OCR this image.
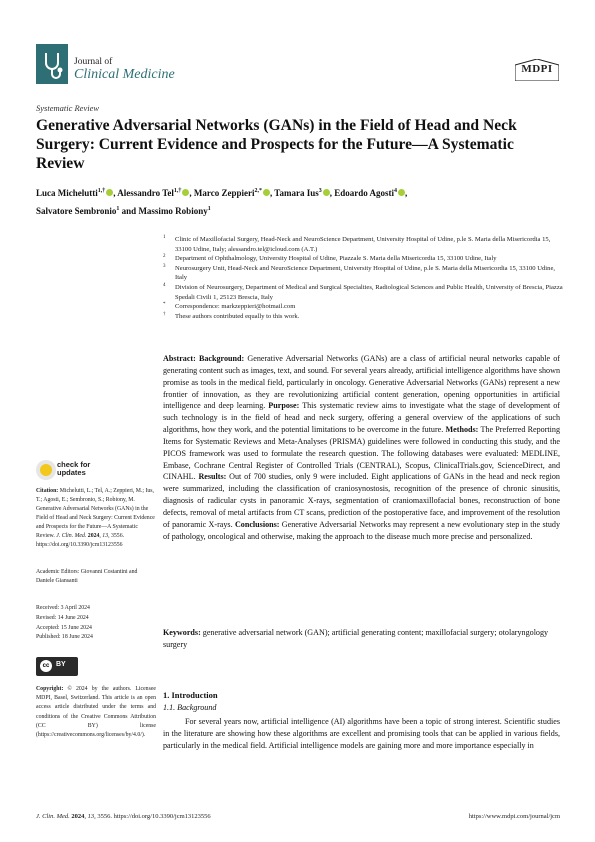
Journal of
Clinical Medicine	MDPI
Systematic Review
Generative Adversarial Networks (GANs) in the Field of Head and Neck Surgery: Current Evidence and Prospects for the Future—A Systematic Review
Luca Michelutti$^{1,\dagger}$ , Alessandro Tel$^{1,\dagger}$ , Marco Zeppieri$^{2,*}$ , Tamara Ius$^3$ , Edoardo Agosti$^4$ ,
Salvatore Sembronio$^1$ and Massimo Robiony$^1$
1 Clinic of Maxillofacial Surgery, Head-Neck and NeuroScience Department, University Hospital of Udine, p.le S. Maria della Misericordia 15, 33100 Udine, Italy; alessandro.tel@icloud.com (A.T.)
2 Department of Ophthalmology, University Hospital of Udine, Piazzale S. Maria della Misericordia 15, 33100 Udine, Italy
3 Neurosurgery Unit, Head-Neck and NeuroScience Department, University Hospital of Udine, p.le S. Maria della Misericordia 15, 33100 Udine, Italy
4 Division of Neurosurgery, Department of Medical and Surgical Specialties, Radiological Sciences and Public Health, University of Brescia, Piazza Spedali Civili 1, 25123 Brescia, Italy
* Correspondence: markzeppieri@hotmail.com
† These authors contributed equally to this work.
Abstract: Background: Generative Adversarial Networks (GANs) are a class of artificial neural networks capable of generating content such as images, text, and sound. For several years already, artificial intelligence algorithms have shown promise as tools in the medical field, particularly in oncology. Generative Adversarial Networks (GANs) represent a new frontier of innovation, as they are revolutionizing artificial content generation, opening opportunities in artificial intelligence and deep learning. Purpose: This systematic review aims to investigate what the stage of development of such technology is in the field of head and neck surgery, offering a general overview of the applications of such algorithms, how they work, and the potential limitations to be overcome in the future. Methods: The Preferred Reporting Items for Systematic Reviews and Meta-Analyses (PRISMA) guidelines were followed in conducting this study, and the PICOS framework was used to formulate the research question. The following databases were evaluated: MEDLINE, Embase, Cochrane Central Register of Controlled Trials (CENTRAL), Scopus, ClinicalTrials.gov, ScienceDirect, and CINAHL. Results: Out of 700 studies, only 9 were included. Eight applications of GANs in the head and neck region were summarized, including the classification of craniosynostosis, recognition of the presence of chronic sinusitis, diagnosis of radicular cysts in panoramic X-rays, segmentation of craniomaxillofacial bones, reconstruction of bone defects, removal of metal artifacts from CT scans, prediction of the postoperative face, and improvement of the resolution of panoramic X-rays. Conclusions: Generative Adversarial Networks may represent a new evolutionary step in the study of pathology, oncological and otherwise, making the approach to the disease much more precise and personalized.
Keywords: generative adversarial network (GAN); artificial generating content; maxillofacial surgery; otolaryngology surgery
check for
updates
Citation: Michelutti, L.; Tel, A.; Zeppieri, M.; Ius, T.; Agosti, E.; Sembronio, S.; Robiony, M. Generative Adversarial Networks (GANs) in the Field of Head and Neck Surgery: Current Evidence and Prospects for the Future—A Systematic Review. J. Clin. Med. 2024, 13, 3556. https://doi.org/10.3390/jcm13123556
Academic Editors: Giovanni Costantini and Daniele Giansanti
Received: 3 April 2024
Revised: 14 June 2024
Accepted: 15 June 2024
Published: 18 June 2024
cc BY
Copyright: © 2024 by the authors. Licensee MDPI, Basel, Switzerland. This article is an open access article distributed under the terms and conditions of the Creative Commons Attribution (CC BY) license (https://creativecommons.org/licenses/by/4.0/).
1. Introduction
1.1. Background
For several years now, artificial intelligence (AI) algorithms have been a topic of strong interest. Scientific studies in the literature are showing how these algorithms are excellent and promising tools that can be applied in various fields, particularly in the medical field. Artificial intelligence models are gaining more and more importance especially in
J. Clin. Med. 2024, 13, 3556. https://doi.org/10.3390/jcm13123556	https://www.mdpi.com/journal/jcm
